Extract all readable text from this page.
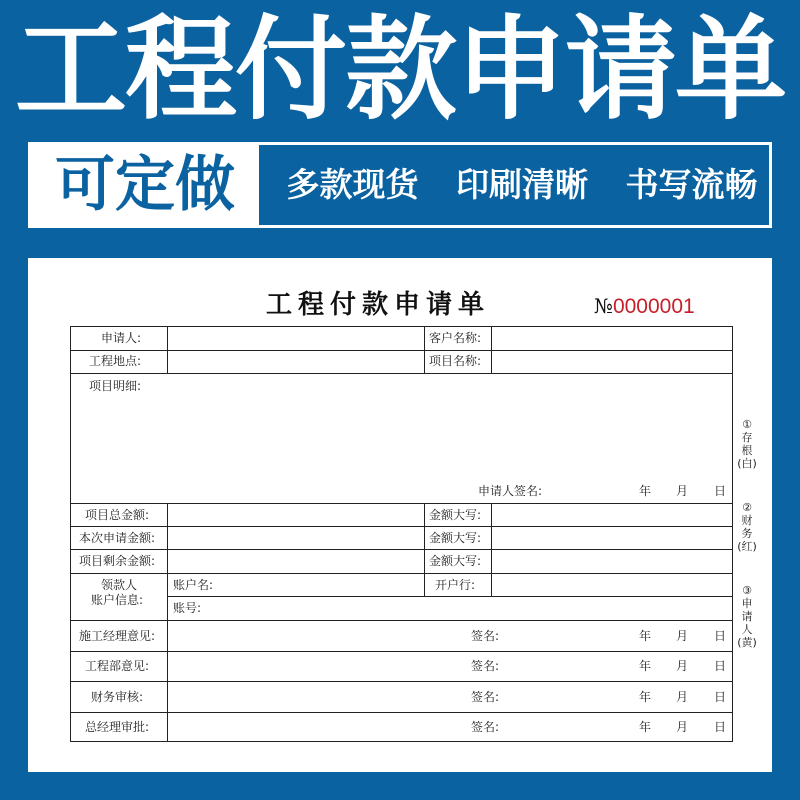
工程付款申请单
可定做	多款现货 印刷清晰 书写流畅
工程付款申请单	№0000001
申请人:	客户名称:
工程地点:	项目名称:
项目明细:
申请人签名:	年 月 日
项目总金额:	金额大写:
本次申请金额:	金额大写:
项目剩余金额:	金额大写:
领款人
账户信息:
账户名:	开户行:
账号:
施工经理意见:	签名:	年 月 日
工程部意见:	签名:	年 月 日
财务审核:	签名:	年 月 日
总经理审批:	签名:	年 月 日
①
存
根
(白)
②
财
务
(红)
③
申
请
人
(黄)
